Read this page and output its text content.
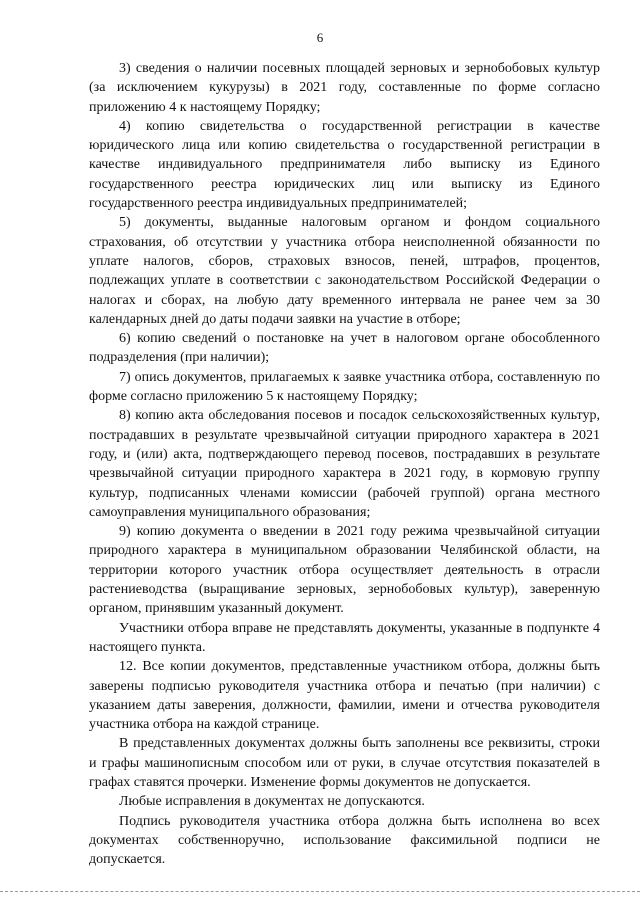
6

3) сведения о наличии посевных площадей зерновых и зернобобовых культур (за исключением кукурузы) в 2021 году, составленные по форме согласно приложению 4 к настоящему Порядку;

4) копию свидетельства о государственной регистрации в качестве юридического лица или копию свидетельства о государственной регистрации в качестве индивидуального предпринимателя либо выписку из Единого государственного реестра юридических лиц или выписку из Единого государственного реестра индивидуальных предпринимателей;

5) документы, выданные налоговым органом и фондом социального страхования, об отсутствии у участника отбора неисполненной обязанности по уплате налогов, сборов, страховых взносов, пеней, штрафов, процентов, подлежащих уплате в соответствии с законодательством Российской Федерации о налогах и сборах, на любую дату временного интервала не ранее чем за 30 календарных дней до даты подачи заявки на участие в отборе;

6) копию сведений о постановке на учет в налоговом органе обособленного подразделения (при наличии);

7) опись документов, прилагаемых к заявке участника отбора, составленную по форме согласно приложению 5 к настоящему Порядку;

8) копию акта обследования посевов и посадок сельскохозяйственных культур, пострадавших в результате чрезвычайной ситуации природного характера в 2021 году, и (или) акта, подтверждающего перевод посевов, пострадавших в результате чрезвычайной ситуации природного характера в 2021 году, в кормовую группу культур, подписанных членами комиссии (рабочей группой) органа местного самоуправления муниципального образования;

9) копию документа о введении в 2021 году режима чрезвычайной ситуации природного характера в муниципальном образовании Челябинской области, на территории которого участник отбора осуществляет деятельность в отрасли растениеводства (выращивание зерновых, зернобобовых культур), заверенную органом, принявшим указанный документ.

Участники отбора вправе не представлять документы, указанные в подпункте 4 настоящего пункта.

12. Все копии документов, представленные участником отбора, должны быть заверены подписью руководителя участника отбора и печатью (при наличии) с указанием даты заверения, должности, фамилии, имени и отчества руководителя участника отбора на каждой странице.

В представленных документах должны быть заполнены все реквизиты, строки и графы машинописным способом или от руки, в случае отсутствия показателей в графах ставятся прочерки. Изменение формы документов не допускается.

Любые исправления в документах не допускаются.

Подпись руководителя участника отбора должна быть исполнена во всех документах собственноручно, использование факсимильной подписи не допускается.
